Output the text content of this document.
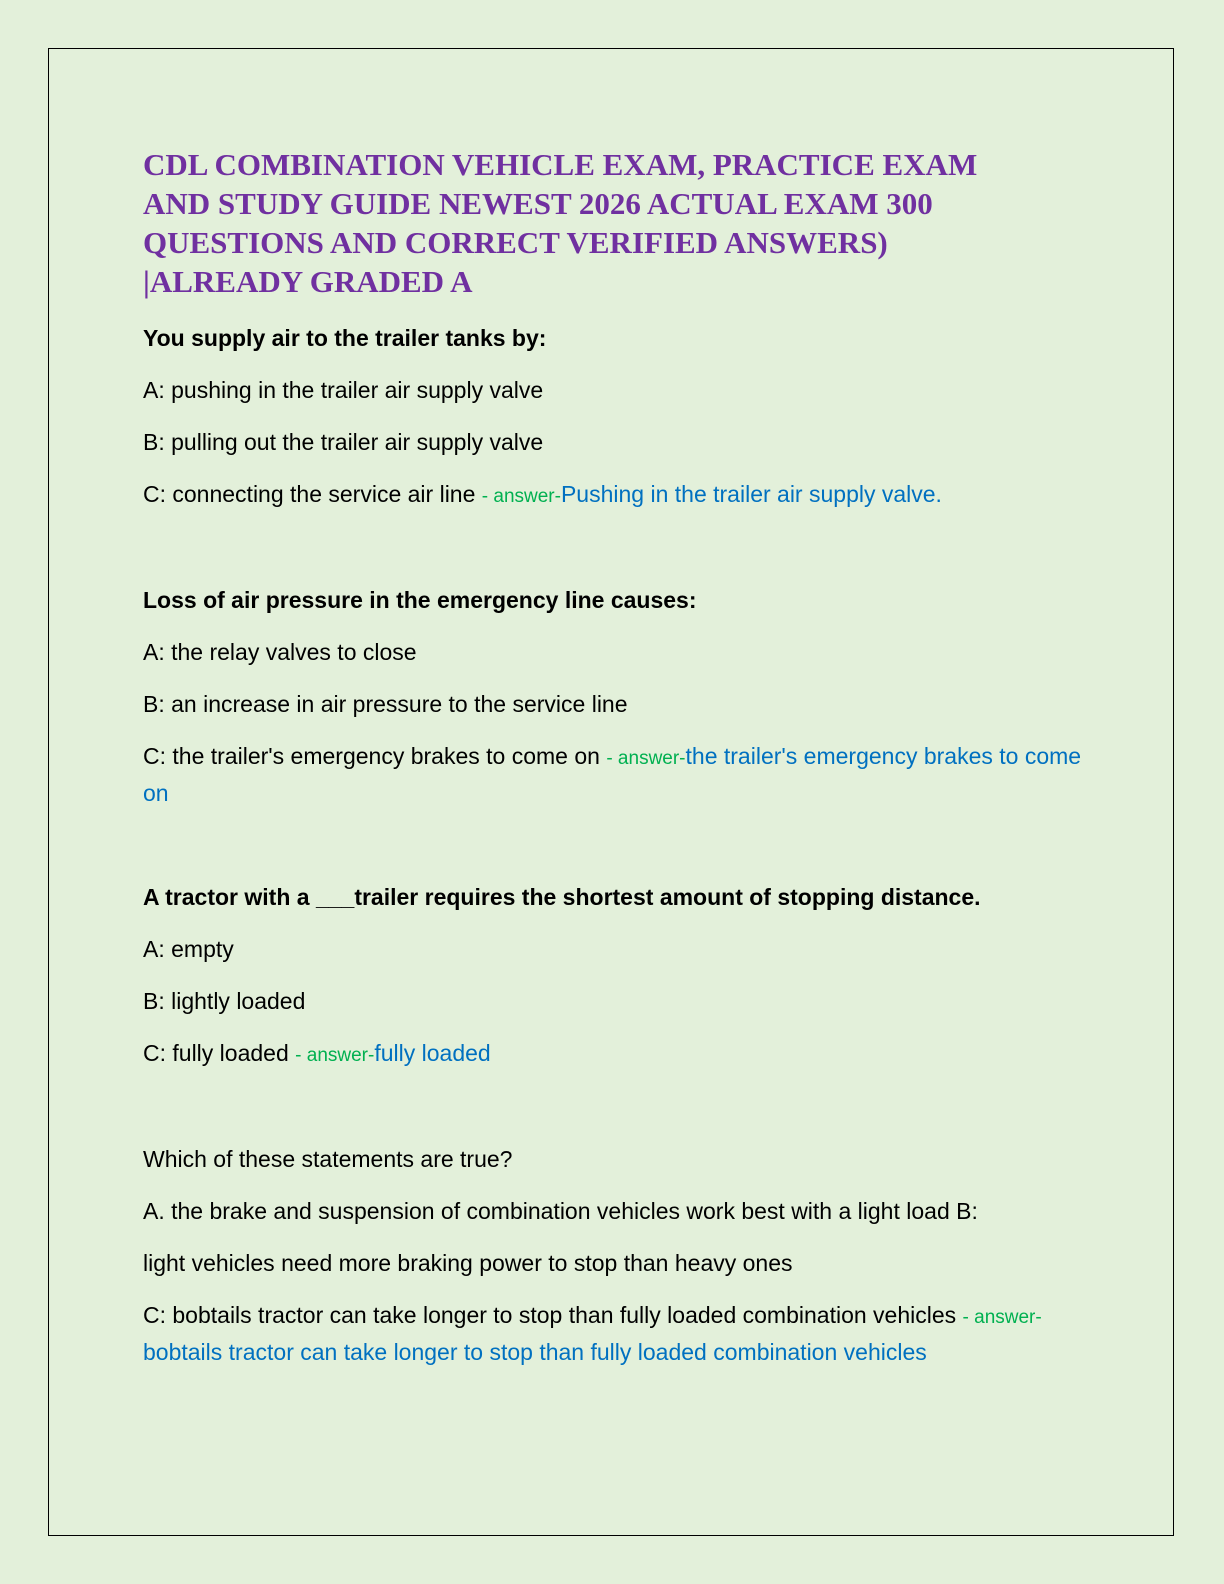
CDL COMBINATION VEHICLE EXAM, PRACTICE EXAM
AND STUDY GUIDE NEWEST 2026 ACTUAL EXAM 300
QUESTIONS AND CORRECT VERIFIED ANSWERS)
|ALREADY GRADED A

You supply air to the trailer tanks by:

A: pushing in the trailer air supply valve

B: pulling out the trailer air supply valve

C: connecting the service air line - answer-Pushing in the trailer air supply valve.

Loss of air pressure in the emergency line causes:

A: the relay valves to close

B: an increase in air pressure to the service line

C: the trailer's emergency brakes to come on - answer-the trailer's emergency brakes to come on

A tractor with a ___trailer requires the shortest amount of stopping distance.

A: empty

B: lightly loaded

C: fully loaded - answer-fully loaded

Which of these statements are true?

A. the brake and suspension of combination vehicles work best with a light load B:

light vehicles need more braking power to stop than heavy ones

C: bobtails tractor can take longer to stop than fully loaded combination vehicles - answer-bobtails tractor can take longer to stop than fully loaded combination vehicles
